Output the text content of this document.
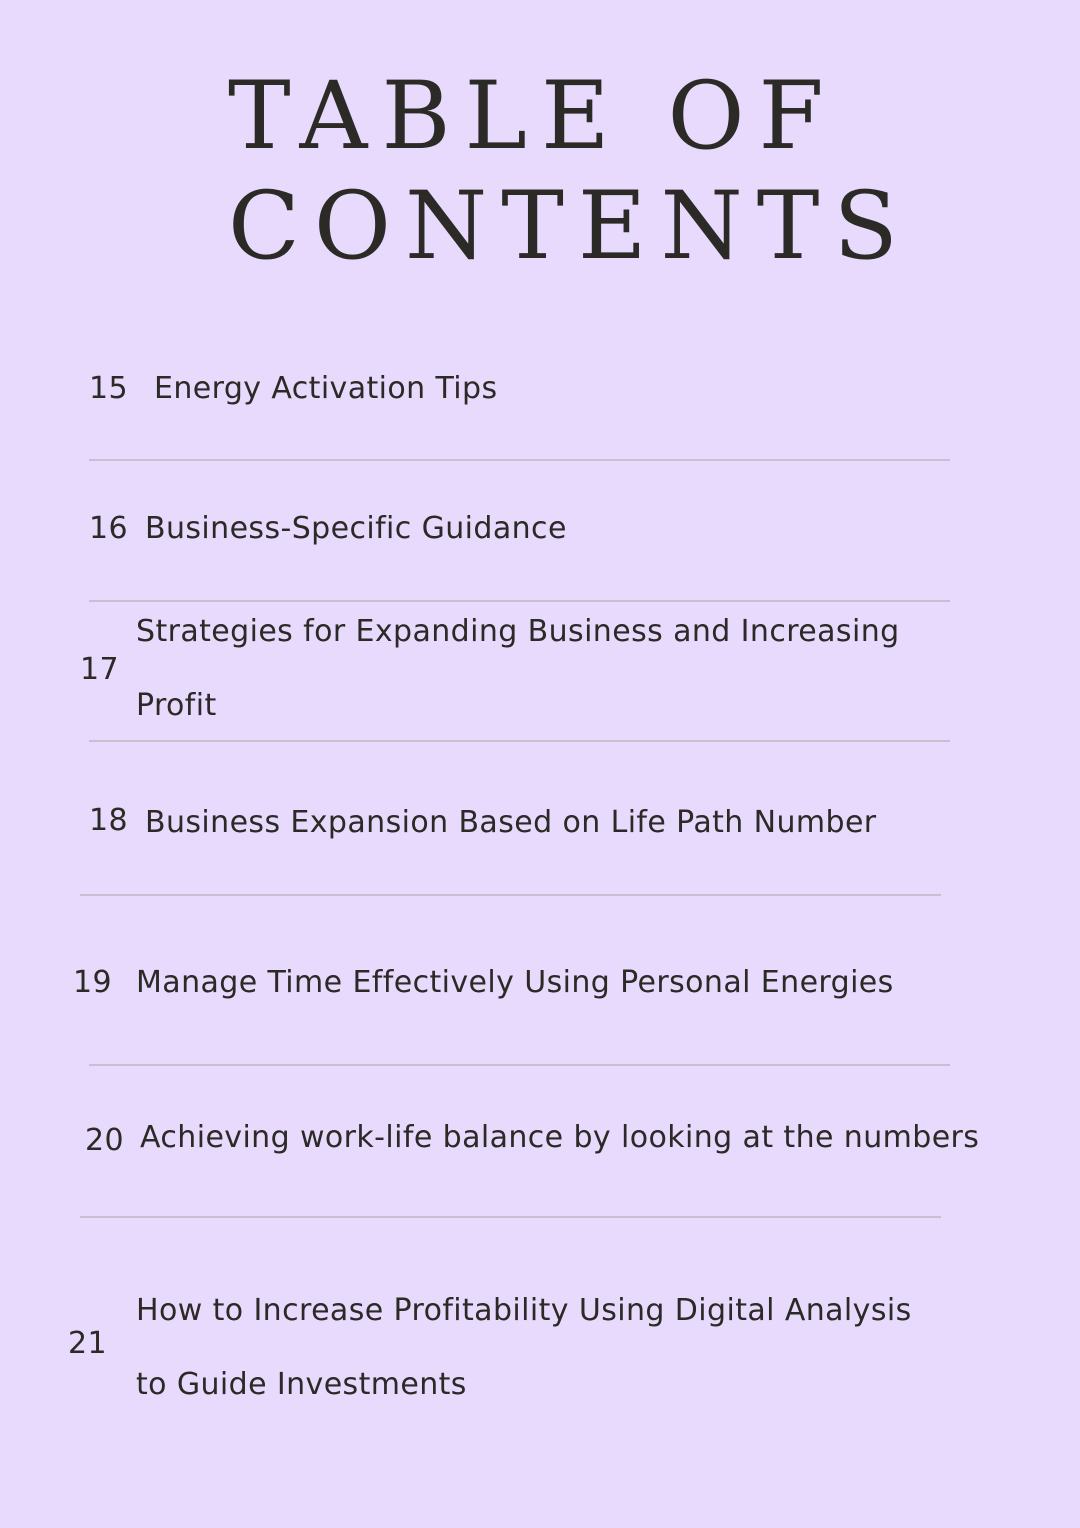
TABLE OF
CONTENTS
15 Energy Activation Tips
16 Business-Specific Guidance
17
Strategies for Expanding Business and Increasing
Profit
18 Business Expansion Based on Life Path Number
19 Manage Time Effectively Using Personal Energies
20 Achieving work-life balance by looking at the numbers
21
How to Increase Profitability Using Digital Analysis
to Guide Investments
